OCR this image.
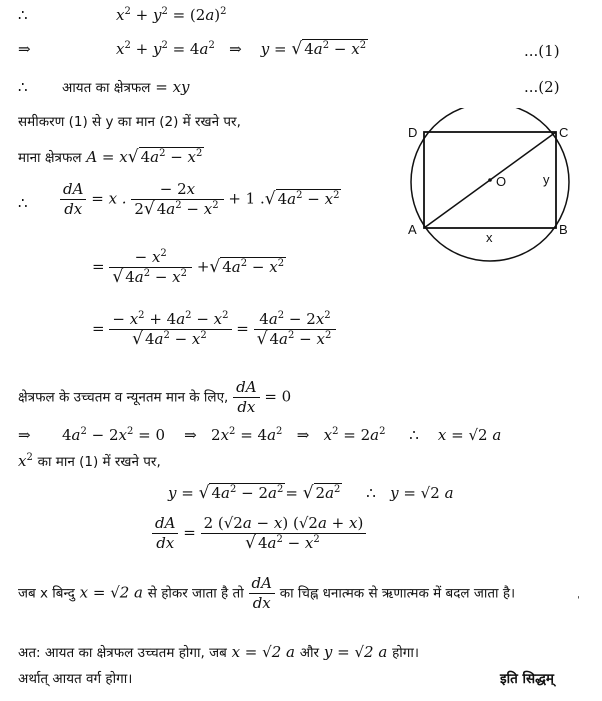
∴	$x^2 + y^2 = (2a)^2$
⇒	$x^2 + y^2 = 4a^2$ ⇒    y = √ $4a^2 - x^2$	...(1)
∴	आयत का क्षेत्रफल = xy	...(2)
समीकरण (1) से y का मान (2) में रखने पर,
माना क्षेत्रफल A = x√ $4a^2 - x^2$
∴ $\frac{dA}{dx} = x$ . $\frac{- 2x}{2√ 4a^2 - x^2} + 1$ .√ $4a^2 - x^2$
= $\frac{- x^2}{√ 4a^2 - x^2}$ +√ $4a^2 - x^2$
= $\frac{- x^2 + 4a^2 - x^2}{√ 4a^2 - x^2} = \frac{4a^2 - 2x^2}{√ 4a^2 - x^2}$
क्षेत्रफल के उच्चतम व न्यूनतम मान के लिए, $\frac{dA}{dx} = 0$
⇒ $4a^2 - 2x^2 = 0$ ⇒ $2x^2 = 4a^2$ ⇒   $x^2 = 2a^2$ ∴    x = √2 a
$x^2$ का मान (1) में रखने पर,
y = √ $4a^2 - 2a^2$ = √ $2a^2$ ∴   y = √2 a
$\frac{dA}{dx} = \frac{2 (√2a - x) (√2a + x)}{√ 4a^2 - x^2}$
जब x बिन्दु x = √2 a से होकर जाता है तो $\frac{dA}{dx}$ का चिह्न धनात्मक से ऋणात्मक में बदल जाता है।	ˈ
अत: आयत का क्षेत्रफल उच्चतम होगा, जब x = √2 a और y = √2 a होगा।
अर्थात् आयत वर्ग होगा।	इति सिद्धम्
D	C
A	B
O	y
x
